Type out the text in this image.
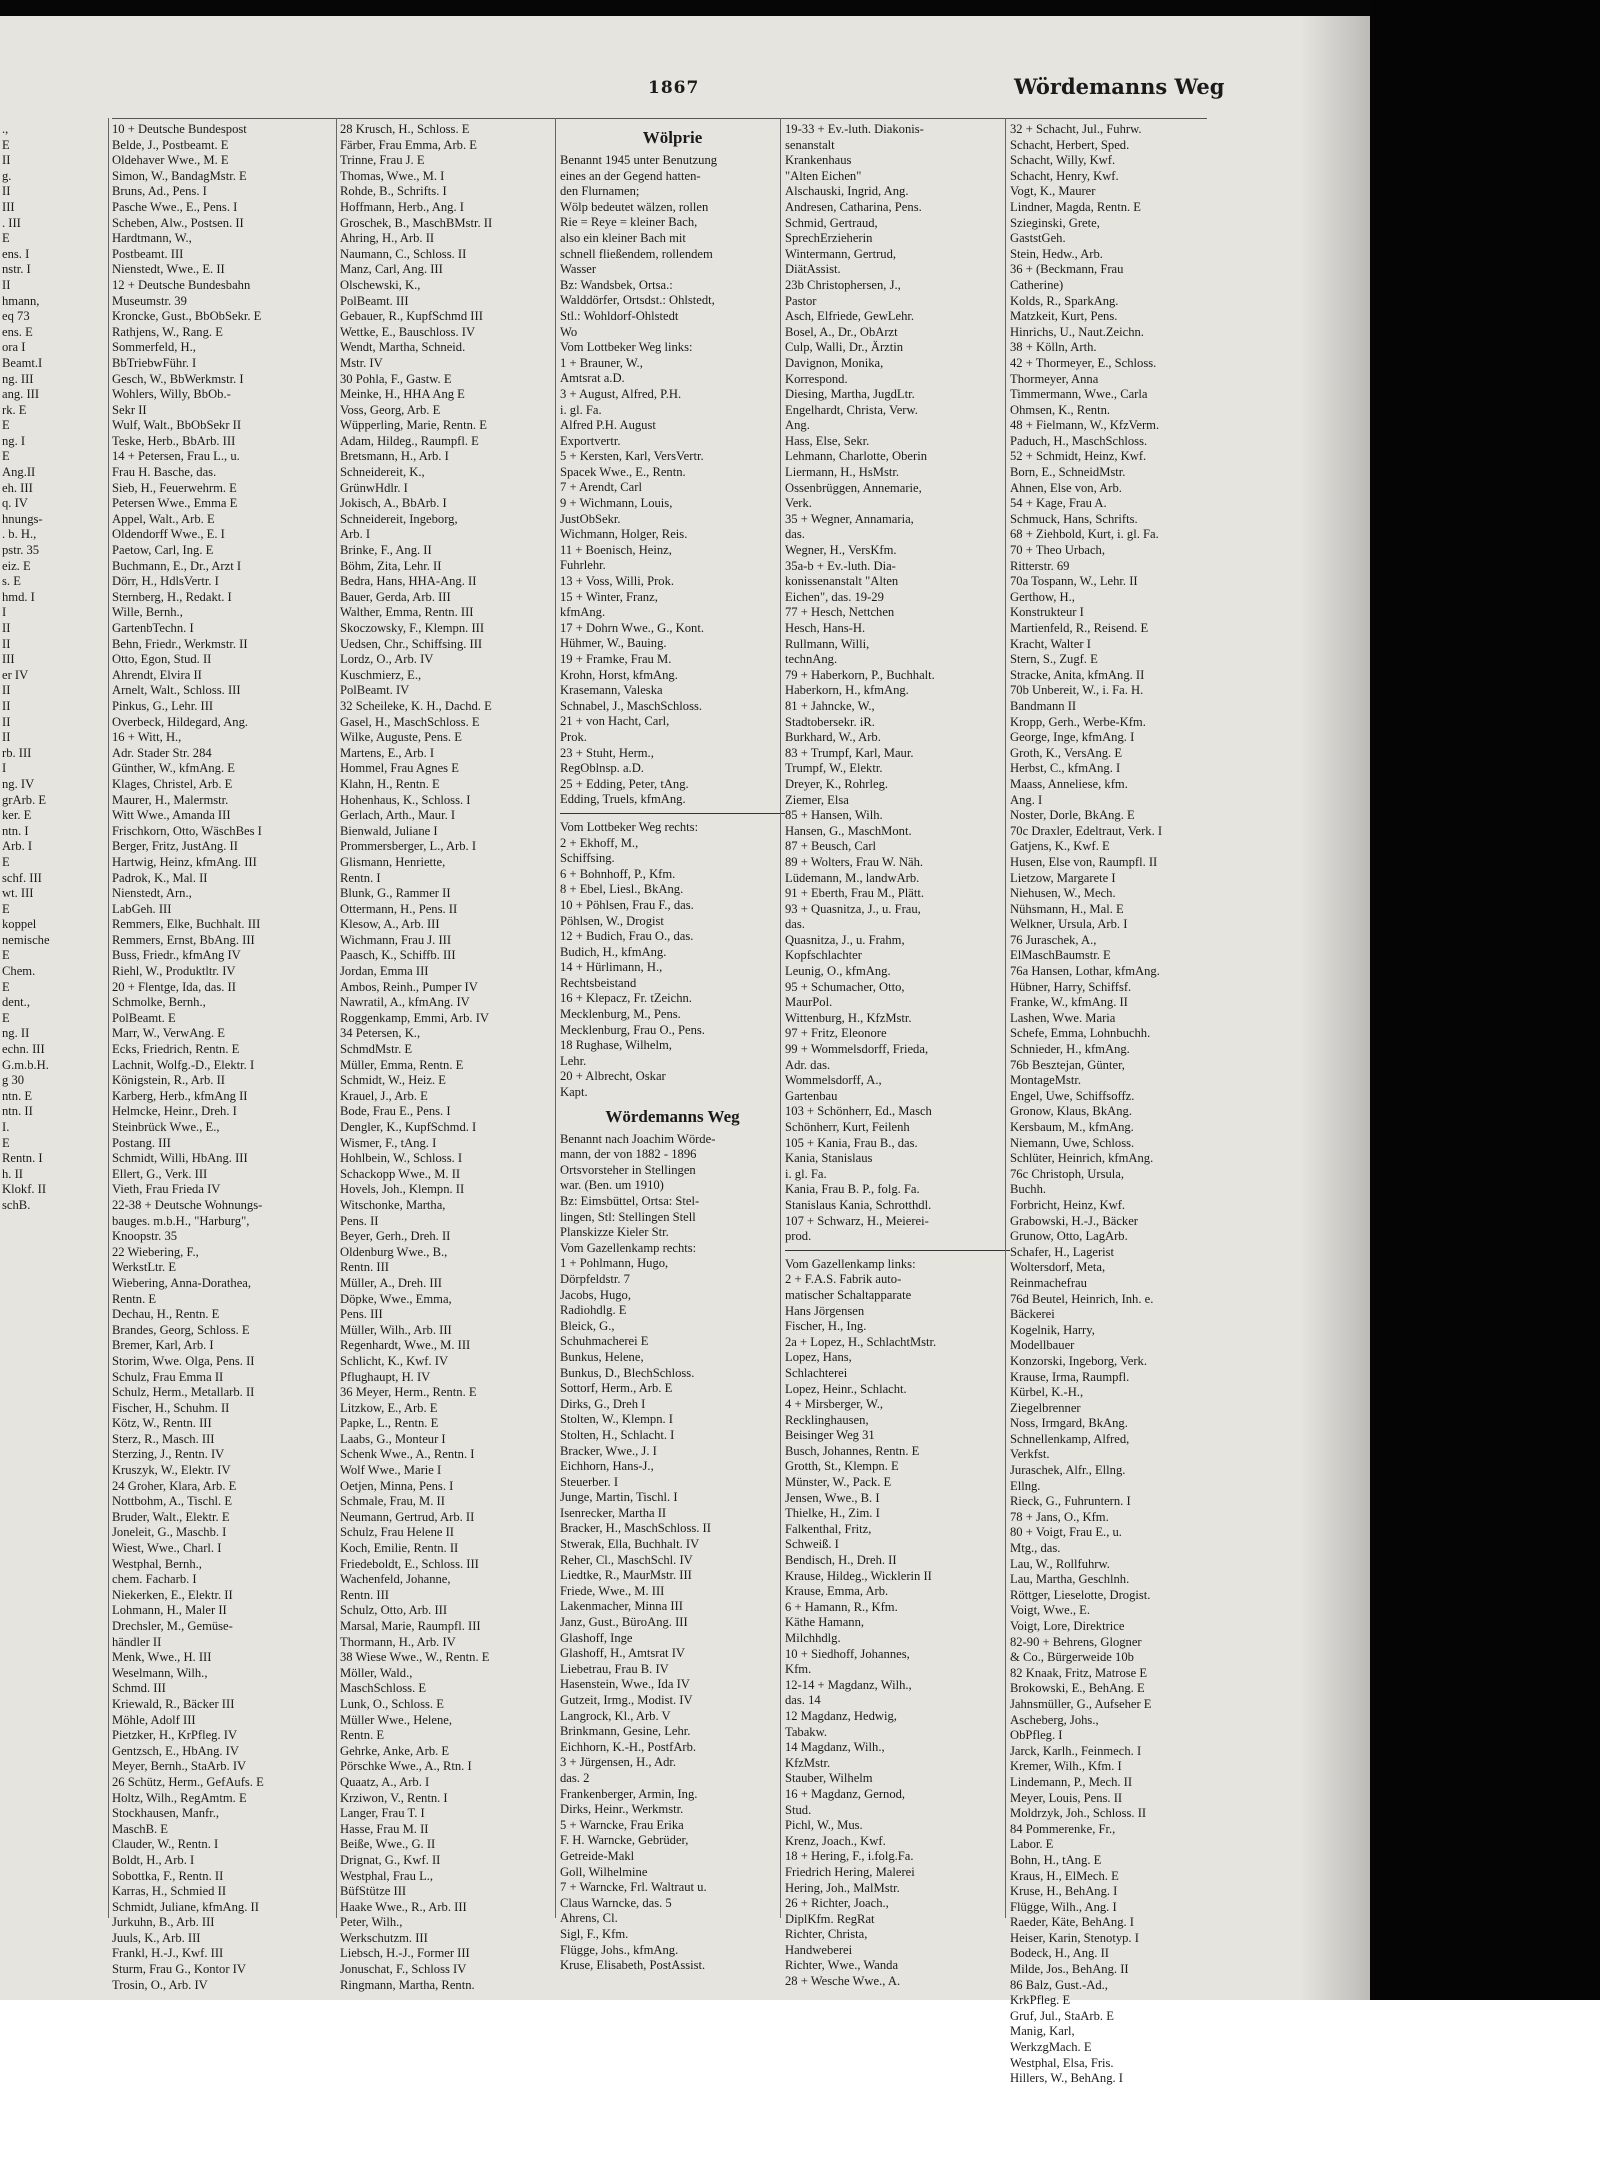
1867	Wördemanns Weg
.,
E
II
g.
II
III
. III
E
ens. I
nstr. I
II
hmann,
eq 73
ens. E
ora I
Beamt.I
ng. III
ang. III
rk. E
E
ng. I
E
Ang.II
eh. III
q. IV
hnungs-
. b. H.,
pstr. 35
eiz. E
s. E
hmd. I
I
II
II
III
er IV
II
II
II
II
rb. III
I
ng. IV
grArb. E
ker. E
ntn. I
Arb. I
E
schf. III
wt. III
E
koppel
nemische
E
Chem.
E
dent.,
E
ng. II
echn. III
G.m.b.H.
g 30
ntn. E
ntn. II
I.
E
Rentn. I
h. II
Klokf. II
schB.
10 + Deutsche Bundespost
Belde, J., Postbeamt. E
Oldehaver Wwe., M. E
Simon, W., BandagMstr. E
Bruns, Ad., Pens. I
Pasche Wwe., E., Pens. I
Scheben, Alw., Postsen. II
Hardtmann, W.,
Postbeamt. III
Nienstedt, Wwe., E. II
12 + Deutsche Bundesbahn
Museumstr. 39
Kroncke, Gust., BbObSekr. E
Rathjens, W., Rang. E
Sommerfeld, H.,
BbTriebwFühr. I
Gesch, W., BbWerkmstr. I
Wohlers, Willy, BbOb.-
Sekr II
Wulf, Walt., BbObSekr II
Teske, Herb., BbArb. III
14 + Petersen, Frau L., u.
Frau H. Basche, das.
Sieb, H., Feuerwehrm. E
Petersen Wwe., Emma E
Appel, Walt., Arb. E
Oldendorff Wwe., E. I
Paetow, Carl, Ing. E
Buchmann, E., Dr., Arzt I
Dörr, H., HdlsVertr. I
Sternberg, H., Redakt. I
Wille, Bernh.,
GartenbTechn. I
Behn, Friedr., Werkmstr. II
Otto, Egon, Stud. II
Ahrendt, Elvira II
Arnelt, Walt., Schloss. III
Pinkus, G., Lehr. III
Overbeck, Hildegard, Ang.
16 + Witt, H.,
Adr. Stader Str. 284
Günther, W., kfmAng. E
Klages, Christel, Arb. E
Maurer, H., Malermstr.
Witt Wwe., Amanda III
Frischkorn, Otto, WäschBes I
Berger, Fritz, JustAng. II
Hartwig, Heinz, kfmAng. III
Padrok, K., Mal. II
Nienstedt, Arn.,
LabGeh. III
Remmers, Elke, Buchhalt. III
Remmers, Ernst, BbAng. III
Buss, Friedr., kfmAng IV
Riehl, W., Produktltr. IV
20 + Flentge, Ida, das. II
Schmolke, Bernh.,
PolBeamt. E
Marr, W., VerwAng. E
Ecks, Friedrich, Rentn. E
Lachnit, Wolfg.-D., Elektr. I
Königstein, R., Arb. II
Karberg, Herb., kfmAng II
Helmcke, Heinr., Dreh. I
Steinbrück Wwe., E.,
Postang. III
Schmidt, Willi, HbAng. III
Ellert, G., Verk. III
Vieth, Frau Frieda IV
22-38 + Deutsche Wohnungs-
bauges. m.b.H., "Harburg",
Knoopstr. 35
22 Wiebering, F.,
WerkstLtr. E
Wiebering, Anna-Dorathea,
Rentn. E
Dechau, H., Rentn. E
Brandes, Georg, Schloss. E
Bremer, Karl, Arb. I
Storim, Wwe. Olga, Pens. II
Schulz, Frau Emma II
Schulz, Herm., Metallarb. II
Fischer, H., Schuhm. II
Kötz, W., Rentn. III
Sterz, R., Masch. III
Sterzing, J., Rentn. IV
Kruszyk, W., Elektr. IV
24 Groher, Klara, Arb. E
Nottbohm, A., Tischl. E
Bruder, Walt., Elektr. E
Joneleit, G., Maschb. I
Wiest, Wwe., Charl. I
Westphal, Bernh.,
chem. Facharb. I
Niekerken, E., Elektr. II
Lohmann, H., Maler II
Drechsler, M., Gemüse-
händler II
Menk, Wwe., H. III
Weselmann, Wilh.,
Schmd. III
Kriewald, R., Bäcker III
Möhle, Adolf III
Pietzker, H., KrPfleg. IV
Gentzsch, E., HbAng. IV
Meyer, Bernh., StaArb. IV
26 Schütz, Herm., GefAufs. E
Holtz, Wilh., RegAmtm. E
Stockhausen, Manfr.,
MaschB. E
Clauder, W., Rentn. I
Boldt, H., Arb. I
Sobottka, F., Rentn. II
Karras, H., Schmied II
Schmidt, Juliane, kfmAng. II
Jurkuhn, B., Arb. III
Juuls, K., Arb. III
Frankl, H.-J., Kwf. III
Sturm, Frau G., Kontor IV
Trosin, O., Arb. IV
28 Krusch, H., Schloss. E
Färber, Frau Emma, Arb. E
Trinne, Frau J. E
Thomas, Wwe., M. I
Rohde, B., Schrifts. I
Hoffmann, Herb., Ang. I
Groschek, B., MaschBMstr. II
Ahring, H., Arb. II
Naumann, C., Schloss. II
Manz, Carl, Ang. III
Olschewski, K.,
PolBeamt. III
Gebauer, R., KupfSchmd III
Wettke, E., Bauschloss. IV
Wendt, Martha, Schneid.
Mstr. IV
30 Pohla, F., Gastw. E
Meinke, H., HHA Ang E
Voss, Georg, Arb. E
Wüpperling, Marie, Rentn. E
Adam, Hildeg., Raumpfl. E
Bretsmann, H., Arb. I
Schneidereit, K.,
GrünwHdlr. I
Jokisch, A., BbArb. I
Schneidereit, Ingeborg,
Arb. I
Brinke, F., Ang. II
Böhm, Zita, Lehr. II
Bedra, Hans, HHA-Ang. II
Bauer, Gerda, Arb. III
Walther, Emma, Rentn. III
Skoczowsky, F., Klempn. III
Uedsen, Chr., Schiffsing. III
Lordz, O., Arb. IV
Kuschmierz, E.,
PolBeamt. IV
32 Scheileke, K. H., Dachd. E
Gasel, H., MaschSchloss. E
Wilke, Auguste, Pens. E
Martens, E., Arb. I
Hommel, Frau Agnes E
Klahn, H., Rentn. E
Hohenhaus, K., Schloss. I
Gerlach, Arth., Maur. I
Bienwald, Juliane I
Prommersberger, L., Arb. I
Glismann, Henriette,
Rentn. I
Blunk, G., Rammer II
Ottermann, H., Pens. II
Klesow, A., Arb. III
Wichmann, Frau J. III
Paasch, K., Schiffb. III
Jordan, Emma III
Ambos, Reinh., Pumper IV
Nawratil, A., kfmAng. IV
Roggenkamp, Emmi, Arb. IV
34 Petersen, K.,
SchmdMstr. E
Müller, Emma, Rentn. E
Schmidt, W., Heiz. E
Krauel, J., Arb. E
Bode, Frau E., Pens. I
Dengler, K., KupfSchmd. I
Wismer, F., tAng. I
Hohlbein, W., Schloss. I
Schackopp Wwe., M. II
Hovels, Joh., Klempn. II
Witschonke, Martha,
Pens. II
Beyer, Gerh., Dreh. II
Oldenburg Wwe., B.,
Rentn. III
Müller, A., Dreh. III
Döpke, Wwe., Emma,
Pens. III
Müller, Wilh., Arb. III
Regenhardt, Wwe., M. III
Schlicht, K., Kwf. IV
Pflughaupt, H. IV
36 Meyer, Herm., Rentn. E
Litzkow, E., Arb. E
Papke, L., Rentn. E
Laabs, G., Monteur I
Schenk Wwe., A., Rentn. I
Wolf Wwe., Marie I
Oetjen, Minna, Pens. I
Schmale, Frau, M. II
Neumann, Gertrud, Arb. II
Schulz, Frau Helene II
Koch, Emilie, Rentn. II
Friedeboldt, E., Schloss. III
Wachenfeld, Johanne,
Rentn. III
Schulz, Otto, Arb. III
Marsal, Marie, Raumpfl. III
Thormann, H., Arb. IV
38 Wiese Wwe., W., Rentn. E
Möller, Wald.,
MaschSchloss. E
Lunk, O., Schloss. E
Müller Wwe., Helene,
Rentn. E
Gehrke, Anke, Arb. E
Pörschke Wwe., A., Rtn. I
Quaatz, A., Arb. I
Krziwon, V., Rentn. I
Langer, Frau T. I
Hasse, Frau M. II
Beiße, Wwe., G. II
Drignat, G., Kwf. II
Westphal, Frau L.,
BüfStütze III
Haake Wwe., R., Arb. III
Peter, Wilh.,
Werkschutzm. III
Liebsch, H.-J., Former III
Jonuschat, F., Schloss IV
Ringmann, Martha, Rentn.
Wölprie
Benannt 1945 unter Benutzung
eines an der Gegend hatten-
den Flurnamen;
Wölp bedeutet wälzen, rollen
Rie = Reye = kleiner Bach,
also ein kleiner Bach mit
schnell fließendem, rollendem
Wasser
Bz: Wandsbek, Ortsa.:
Walddörfer, Ortsdst.: Ohlstedt,
Stl.: Wohldorf-Ohlstedt
Wo
Vom Lottbeker Weg links:
1 + Brauner, W.,
Amtsrat a.D.
3 + August, Alfred, P.H.
i. gl. Fa.
Alfred P.H. August
Exportvertr.
5 + Kersten, Karl, VersVertr.
Spacek Wwe., E., Rentn.
7 + Arendt, Carl
9 + Wichmann, Louis,
JustObSekr.
Wichmann, Holger, Reis.
11 + Boenisch, Heinz,
Fuhrlehr.
13 + Voss, Willi, Prok.
15 + Winter, Franz,
kfmAng.
17 + Dohrn Wwe., G., Kont.
Hühmer, W., Bauing.
19 + Framke, Frau M.
Krohn, Horst, kfmAng.
Krasemann, Valeska
Schnabel, J., MaschSchloss.
21 + von Hacht, Carl,
Prok.
23 + Stuht, Herm.,
RegOblnsp. a.D.
25 + Edding, Peter, tAng.
Edding, Truels, kfmAng.
Vom Lottbeker Weg rechts:
2 + Ekhoff, M.,
Schiffsing.
6 + Bohnhoff, P., Kfm.
8 + Ebel, Liesl., BkAng.
10 + Pöhlsen, Frau F., das.
Pöhlsen, W., Drogist
12 + Budich, Frau O., das.
Budich, H., kfmAng.
14 + Hürlimann, H.,
Rechtsbeistand
16 + Klepacz, Fr. tZeichn.
Mecklenburg, M., Pens.
Mecklenburg, Frau O., Pens.
18 Rughase, Wilhelm,
Lehr.
20 + Albrecht, Oskar
Kapt.
Wördemanns Weg
Benannt nach Joachim Wörde-
mann, der von 1882 - 1896
Ortsvorsteher in Stellingen
war. (Ben. um 1910)
Bz: Eimsbüttel, Ortsa: Stel-
lingen, Stl: Stellingen Stell
Planskizze Kieler Str.
Vom Gazellenkamp rechts:
1 + Pohlmann, Hugo,
Dörpfeldstr. 7
Jacobs, Hugo,
Radiohdlg. E
Bleick, G.,
Schuhmacherei E
Bunkus, Helene,
Bunkus, D., BlechSchloss.
Sottorf, Herm., Arb. E
Dirks, G., Dreh I
Stolten, W., Klempn. I
Stolten, H., Schlacht. I
Bracker, Wwe., J. I
Eichhorn, Hans-J.,
Steuerber. I
Junge, Martin, Tischl. I
Isenrecker, Martha II
Bracker, H., MaschSchloss. II
Stwerak, Ella, Buchhalt. IV
Reher, Cl., MaschSchl. IV
Liedtke, R., MaurMstr. III
Friede, Wwe., M. III
Lakenmacher, Minna III
Janz, Gust., BüroAng. III
Glashoff, Inge
Glashoff, H., Amtsrat IV
Liebetrau, Frau B. IV
Hasenstein, Wwe., Ida IV
Gutzeit, Irmg., Modist. IV
Langrock, Kl., Arb. V
Brinkmann, Gesine, Lehr.
Eichhorn, K.-H., PostfArb.
3 + Jürgensen, H., Adr.
das. 2
Frankenberger, Armin, Ing.
Dirks, Heinr., Werkmstr.
5 + Warncke, Frau Erika
F. H. Warncke, Gebrüder,
Getreide-Makl
Goll, Wilhelmine
7 + Warncke, Frl. Waltraut u.
Claus Warncke, das. 5
Ahrens, Cl.
Sigl, F., Kfm.
Flügge, Johs., kfmAng.
Kruse, Elisabeth, PostAssist.
19-33 + Ev.-luth. Diakonis-
senanstalt
Krankenhaus
"Alten Eichen"
Alschauski, Ingrid, Ang.
Andresen, Catharina, Pens.
Schmid, Gertraud,
SprechErzieherin
Wintermann, Gertrud,
DiätAssist.
23b Christophersen, J.,
Pastor
Asch, Elfriede, GewLehr.
Bosel, A., Dr., ObArzt
Culp, Walli, Dr., Ärztin
Davignon, Monika,
Korrespond.
Diesing, Martha, JugdLtr.
Engelhardt, Christa, Verw.
Ang.
Hass, Else, Sekr.
Lehmann, Charlotte, Oberin
Liermann, H., HsMstr.
Ossenbrüggen, Annemarie,
Verk.
35 + Wegner, Annamaria,
das.
Wegner, H., VersKfm.
35a-b + Ev.-luth. Dia-
konissenanstalt "Alten
Eichen", das. 19-29
77 + Hesch, Nettchen
Hesch, Hans-H.
Rullmann, Willi,
technAng.
79 + Haberkorn, P., Buchhalt.
Haberkorn, H., kfmAng.
81 + Jahncke, W.,
Stadtobersekr. iR.
Burkhard, W., Arb.
83 + Trumpf, Karl, Maur.
Trumpf, W., Elektr.
Dreyer, K., Rohrleg.
Ziemer, Elsa
85 + Hansen, Wilh.
Hansen, G., MaschMont.
87 + Beusch, Carl
89 + Wolters, Frau W. Näh.
Lüdemann, M., landwArb.
91 + Eberth, Frau M., Plätt.
93 + Quasnitza, J., u. Frau,
das.
Quasnitza, J., u. Frahm,
Kopfschlachter
Leunig, O., kfmAng.
95 + Schumacher, Otto,
MaurPol.
Wittenburg, H., KfzMstr.
97 + Fritz, Eleonore
99 + Wommelsdorff, Frieda,
Adr. das.
Wommelsdorff, A.,
Gartenbau
103 + Schönherr, Ed., Masch
Schönherr, Kurt, Feilenh
105 + Kania, Frau B., das.
Kania, Stanislaus
i. gl. Fa.
Kania, Frau B. P., folg. Fa.
Stanislaus Kania, Schrotthdl.
107 + Schwarz, H., Meierei-
prod.
Vom Gazellenkamp links:
2 + F.A.S. Fabrik auto-
matischer Schaltapparate
Hans Jörgensen
Fischer, H., Ing.
2a + Lopez, H., SchlachtMstr.
Lopez, Hans,
Schlachterei
Lopez, Heinr., Schlacht.
4 + Mirsberger, W.,
Recklinghausen,
Beisinger Weg 31
Busch, Johannes, Rentn. E
Grotth, St., Klempn. E
Münster, W., Pack. E
Jensen, Wwe., B. I
Thielke, H., Zim. I
Falkenthal, Fritz,
Schweiß. I
Bendisch, H., Dreh. II
Krause, Hildeg., Wicklerin II
Krause, Emma, Arb.
6 + Hamann, R., Kfm.
Käthe Hamann,
Milchhdlg.
10 + Siedhoff, Johannes,
Kfm.
12-14 + Magdanz, Wilh.,
das. 14
12 Magdanz, Hedwig,
Tabakw.
14 Magdanz, Wilh.,
KfzMstr.
Stauber, Wilhelm
16 + Magdanz, Gernod,
Stud.
Pichl, W., Mus.
Krenz, Joach., Kwf.
18 + Hering, F., i.folg.Fa.
Friedrich Hering, Malerei
Hering, Joh., MalMstr.
26 + Richter, Joach.,
DiplKfm. RegRat
Richter, Christa,
Handweberei
Richter, Wwe., Wanda
28 + Wesche Wwe., A.
32 + Schacht, Jul., Fuhrw.
Schacht, Herbert, Sped.
Schacht, Willy, Kwf.
Schacht, Henry, Kwf.
Vogt, K., Maurer
Lindner, Magda, Rentn. E
Szieginski, Grete,
GaststGeh.
Stein, Hedw., Arb.
36 + (Beckmann, Frau
Catherine)
Kolds, R., SparkAng.
Matzkeit, Kurt, Pens.
Hinrichs, U., Naut.Zeichn.
38 + Kölln, Arth.
42 + Thormeyer, E., Schloss.
Thormeyer, Anna
Timmermann, Wwe., Carla
Ohmsen, K., Rentn.
48 + Fielmann, W., KfzVerm.
Paduch, H., MaschSchloss.
52 + Schmidt, Heinz, Kwf.
Born, E., SchneidMstr.
Ahnen, Else von, Arb.
54 + Kage, Frau A.
Schmuck, Hans, Schrifts.
68 + Ziehbold, Kurt, i. gl. Fa.
70 + Theo Urbach,
Ritterstr. 69
70a Tospann, W., Lehr. II
Gerthow, H.,
Konstrukteur I
Martienfeld, R., Reisend. E
Kracht, Walter I
Stern, S., Zugf. E
Stracke, Anita, kfmAng. II
70b Unbereit, W., i. Fa. H.
Bandmann II
Kropp, Gerh., Werbe-Kfm.
George, Inge, kfmAng. I
Groth, K., VersAng. E
Herbst, C., kfmAng. I
Maass, Anneliese, kfm.
Ang. I
Noster, Dorle, BkAng. E
70c Draxler, Edeltraut, Verk. I
Gatjens, K., Kwf. E
Husen, Else von, Raumpfl. II
Lietzow, Margarete I
Niehusen, W., Mech.
Nühsmann, H., Mal. E
Welkner, Ursula, Arb. I
76 Juraschek, A.,
ElMaschBaumstr. E
76a Hansen, Lothar, kfmAng.
Hübner, Harry, Schiffsf.
Franke, W., kfmAng. II
Lashen, Wwe. Maria
Schefe, Emma, Lohnbuchh.
Schnieder, H., kfmAng.
76b Besztejan, Günter,
MontageMstr.
Engel, Uwe, Schiffsoffz.
Gronow, Klaus, BkAng.
Kersbaum, M., kfmAng.
Niemann, Uwe, Schloss.
Schlüter, Heinrich, kfmAng.
76c Christoph, Ursula,
Buchh.
Forbricht, Heinz, Kwf.
Grabowski, H.-J., Bäcker
Grunow, Otto, LagArb.
Schafer, H., Lagerist
Woltersdorf, Meta,
Reinmachefrau
76d Beutel, Heinrich, Inh. e.
Bäckerei
Kogelnik, Harry,
Modellbauer
Konzorski, Ingeborg, Verk.
Krause, Irma, Raumpfl.
Kürbel, K.-H.,
Ziegelbrenner
Noss, Irmgard, BkAng.
Schnellenkamp, Alfred,
Verkfst.
Juraschek, Alfr., Ellng.
Ellng.
Rieck, G., Fuhruntern. I
78 + Jans, O., Kfm.
80 + Voigt, Frau E., u.
Mtg., das.
Lau, W., Rollfuhrw.
Lau, Martha, Geschlnh.
Röttger, Lieselotte, Drogist.
Voigt, Wwe., E.
Voigt, Lore, Direktrice
82-90 + Behrens, Glogner
& Co., Bürgerweide 10b
82 Knaak, Fritz, Matrose E
Brokowski, E., BehAng. E
Jahnsmüller, G., Aufseher E
Ascheberg, Johs.,
ObPfleg. I
Jarck, Karlh., Feinmech. I
Kremer, Wilh., Kfm. I
Lindemann, P., Mech. II
Meyer, Louis, Pens. II
Moldrzyk, Joh., Schloss. II
84 Pommerenke, Fr.,
Labor. E
Bohn, H., tAng. E
Kraus, H., ElMech. E
Kruse, H., BehAng. I
Flügge, Wilh., Ang. I
Raeder, Käte, BehAng. I
Heiser, Karin, Stenotyp. I
Bodeck, H., Ang. II
Milde, Jos., BehAng. II
86 Balz, Gust.-Ad.,
KrkPfleg. E
Gruf, Jul., StaArb. E
Manig, Karl,
WerkzgMach. E
Westphal, Elsa, Fris.
Hillers, W., BehAng. I
